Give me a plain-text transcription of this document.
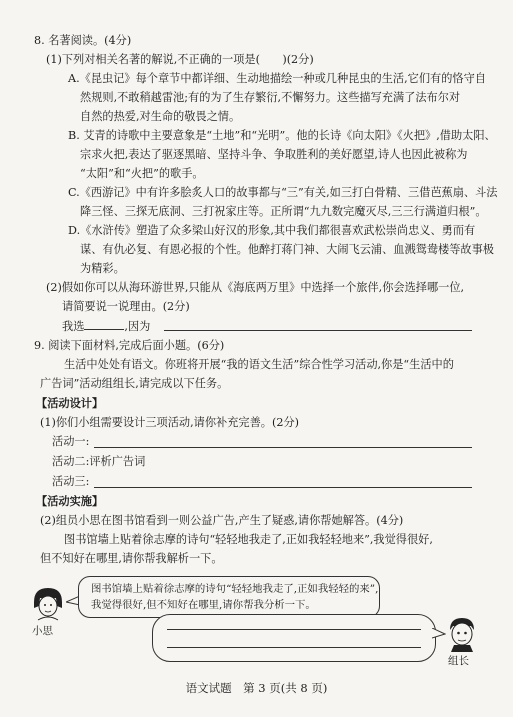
8. 名著阅读。(4分)
(1)下列对相关名著的解说,不正确的一项是(　　)(2分)
A.《昆虫记》每个章节中都详细、生动地描绘一种或几种昆虫的生活,它们有的恪守自
然规则,不敢稍越雷池;有的为了生存繁衍,不懈努力。这些描写充满了法布尔对
自然的热爱,对生命的敬畏之情。
B. 艾青的诗歌中主要意象是“土地”和“光明”。他的长诗《向太阳》《火把》,借助太阳、
宗求火把,表达了驱逐黑暗、坚持斗争、争取胜利的美好愿望,诗人也因此被称为
“太阳”和“火把”的歌手。
C.《西游记》中有许多脍炙人口的故事都与“三”有关,如三打白骨精、三借芭蕉扇、斗法
降三怪、三探无底洞、三打祝家庄等。正所谓“九九数完魔灭尽,三三行满道归根”。
D.《水浒传》塑造了众多梁山好汉的形象,其中我们都很喜欢武松崇尚忠义、勇而有
谋、有仇必复、有恩必报的个性。他醉打蒋门神、大闹飞云浦、血溅鸳鸯楼等故事极
为精彩。
(2)假如你可以从海环游世界,只能从《海底两万里》中选择一个旅伴,你会选择哪一位,
请简要说一说理由。(2分)
我选	,因为
9. 阅读下面材料,完成后面小题。(6分)
生活中处处有语文。你班将开展“我的语文生活”综合性学习活动,你是“生活中的
广告词”活动组组长,请完成以下任务。
【活动设计】
(1)你们小组需要设计三项活动,请你补充完善。(2分)
活动一:
活动二:评析广告词
活动三:
【活动实施】
(2)组员小思在图书馆看到一则公益广告,产生了疑惑,请你帮她解答。(4分)
图书馆墙上贴着徐志摩的诗句“轻轻地我走了,正如我轻轻地来”,我觉得很好,
但不知好在哪里,请你帮我解析一下。
小思
图书馆墙上贴着徐志摩的诗句“轻轻地我走了,正如我轻轻的来”,
我觉得很好,但不知好在哪里,请你帮我分析一下。
组长
语文试题　第 3 页(共 8 页)
